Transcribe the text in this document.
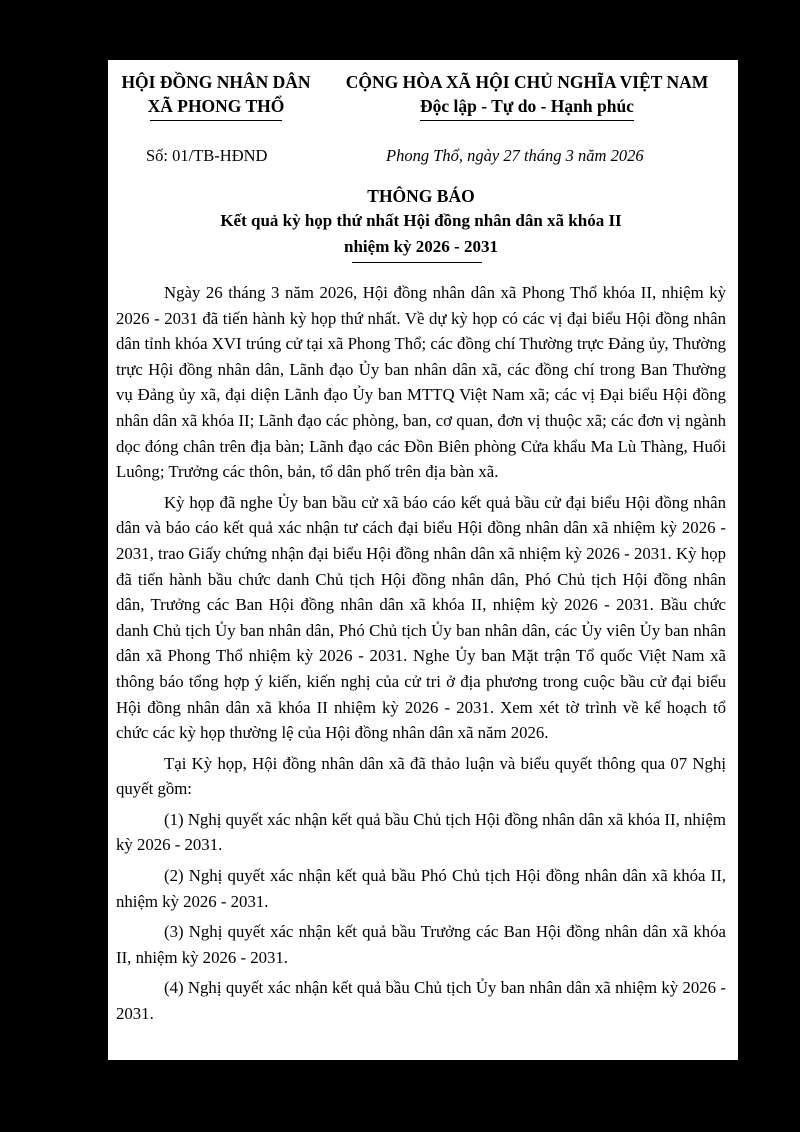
HỘI ĐỒNG NHÂN DÂN
XÃ PHONG THỔ
CỘNG HÒA XÃ HỘI CHỦ NGHĨA VIỆT NAM
Độc lập - Tự do - Hạnh phúc
Số: 01/TB-HĐND	Phong Thổ, ngày 27 tháng 3 năm 2026
THÔNG BÁO
Kết quả kỳ họp thứ nhất Hội đồng nhân dân xã khóa II
nhiệm kỳ 2026 - 2031

Ngày 26 tháng 3 năm 2026, Hội đồng nhân dân xã Phong Thổ khóa II, nhiệm kỳ 2026 - 2031 đã tiến hành kỳ họp thứ nhất. Về dự kỳ họp có các vị đại biểu Hội đồng nhân dân tỉnh khóa XVI trúng cử tại xã Phong Thổ; các đồng chí Thường trực Đảng ủy, Thường trực Hội đồng nhân dân, Lãnh đạo Ủy ban nhân dân xã, các đồng chí trong Ban Thường vụ Đảng ủy xã, đại diện Lãnh đạo Ủy ban MTTQ Việt Nam xã; các vị Đại biểu Hội đồng nhân dân xã khóa II; Lãnh đạo các phòng, ban, cơ quan, đơn vị thuộc xã; các đơn vị ngành dọc đóng chân trên địa bàn; Lãnh đạo các Đồn Biên phòng Cửa khẩu Ma Lù Thàng, Huổi Luông; Trưởng các thôn, bản, tổ dân phố trên địa bàn xã.

Kỳ họp đã nghe Ủy ban bầu cử xã báo cáo kết quả bầu cử đại biểu Hội đồng nhân dân và báo cáo kết quả xác nhận tư cách đại biểu Hội đồng nhân dân xã nhiệm kỳ 2026 - 2031, trao Giấy chứng nhận đại biểu Hội đồng nhân dân xã nhiệm kỳ 2026 - 2031. Kỳ họp đã tiến hành bầu chức danh Chủ tịch Hội đồng nhân dân, Phó Chủ tịch Hội đồng nhân dân, Trưởng các Ban Hội đồng nhân dân xã khóa II, nhiệm kỳ 2026 - 2031. Bầu chức danh Chủ tịch Ủy ban nhân dân, Phó Chủ tịch Ủy ban nhân dân, các Ủy viên Ủy ban nhân dân xã Phong Thổ nhiệm kỳ 2026 - 2031. Nghe Ủy ban Mặt trận Tổ quốc Việt Nam xã thông báo tổng hợp ý kiến, kiến nghị của cử tri ở địa phương trong cuộc bầu cử đại biểu Hội đồng nhân dân xã khóa II nhiệm kỳ 2026 - 2031. Xem xét tờ trình về kế hoạch tổ chức các kỳ họp thường lệ của Hội đồng nhân dân xã năm 2026.

Tại Kỳ họp, Hội đồng nhân dân xã đã thảo luận và biểu quyết thông qua 07 Nghị quyết gồm:

(1) Nghị quyết xác nhận kết quả bầu Chủ tịch Hội đồng nhân dân xã khóa II, nhiệm kỳ 2026 - 2031.

(2) Nghị quyết xác nhận kết quả bầu Phó Chủ tịch Hội đồng nhân dân xã khóa II, nhiệm kỳ 2026 - 2031.

(3) Nghị quyết xác nhận kết quả bầu Trưởng các Ban Hội đồng nhân dân xã khóa II, nhiệm kỳ 2026 - 2031.

(4) Nghị quyết xác nhận kết quả bầu Chủ tịch Ủy ban nhân dân xã nhiệm kỳ 2026 - 2031.
